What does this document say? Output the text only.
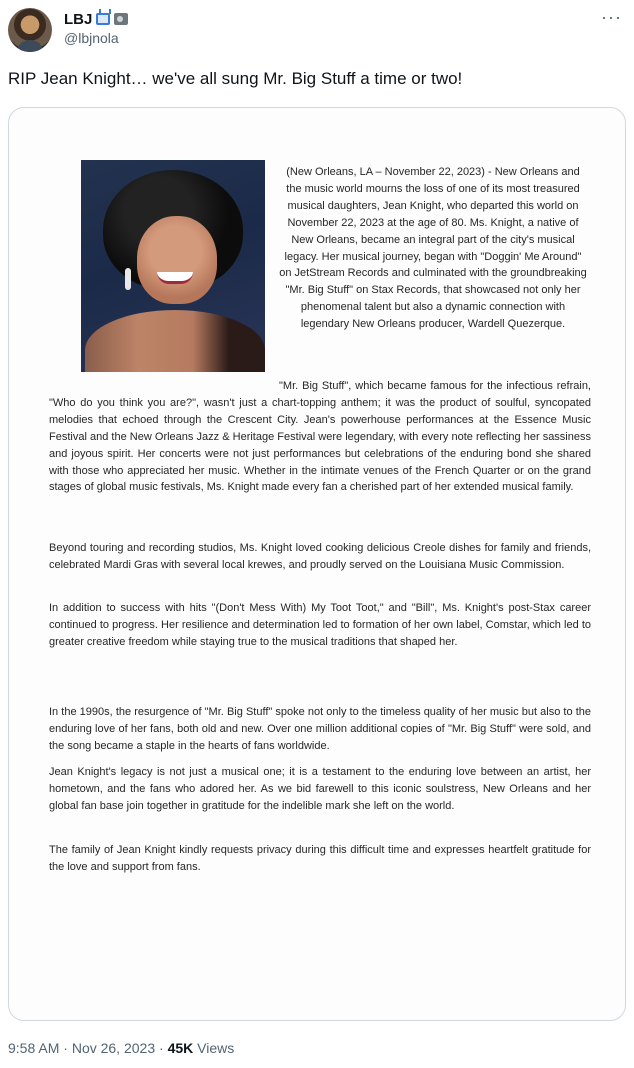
LBJ
@lbjnola
···
RIP Jean Knight… we've all sung Mr. Big Stuff a time or two!
(New Orleans, LA – November 22, 2023) - New Orleans and the music world mourns the loss of one of its most treasured musical daughters, Jean Knight, who departed this world on November 22, 2023 at the age of 80. Ms. Knight, a native of New Orleans, became an integral part of the city's musical legacy. Her musical journey, began with "Doggin' Me Around" on JetStream Records and culminated with the groundbreaking "Mr. Big Stuff" on Stax Records, that showcased not only her phenomenal talent but also a dynamic connection with legendary New Orleans producer, Wardell Quezerque.
"Mr. Big Stuff", which became famous for the infectious refrain, "Who do you think you are?", wasn't just a chart-topping anthem; it was the product of soulful, syncopated melodies that echoed through the Crescent City. Jean's powerhouse performances at the Essence Music Festival and the New Orleans Jazz & Heritage Festival were legendary, with every note reflecting her sassiness and joyous spirit. Her concerts were not just performances but celebrations of the enduring bond she shared with those who appreciated her music. Whether in the intimate venues of the French Quarter or on the grand stages of global music festivals, Ms. Knight made every fan a cherished part of her extended musical family.
Beyond touring and recording studios, Ms. Knight loved cooking delicious Creole dishes for family and friends, celebrated Mardi Gras with several local krewes, and proudly served on the Louisiana Music Commission.
In addition to success with hits "(Don't Mess With) My Toot Toot," and "Bill", Ms. Knight's post-Stax career continued to progress. Her resilience and determination led to formation of her own label, Comstar, which led to greater creative freedom while staying true to the musical traditions that shaped her.
In the 1990s, the resurgence of "Mr. Big Stuff" spoke not only to the timeless quality of her music but also to the enduring love of her fans, both old and new. Over one million additional copies of "Mr. Big Stuff" were sold, and the song became a staple in the hearts of fans worldwide.
Jean Knight's legacy is not just a musical one; it is a testament to the enduring love between an artist, her hometown, and the fans who adored her. As we bid farewell to this iconic soulstress, New Orleans and her global fan base join together in gratitude for the indelible mark she left on the world.
The family of Jean Knight kindly requests privacy during this difficult time and expresses heartfelt gratitude for the love and support from fans.
9:58 AM · Nov 26, 2023 · 45K Views
